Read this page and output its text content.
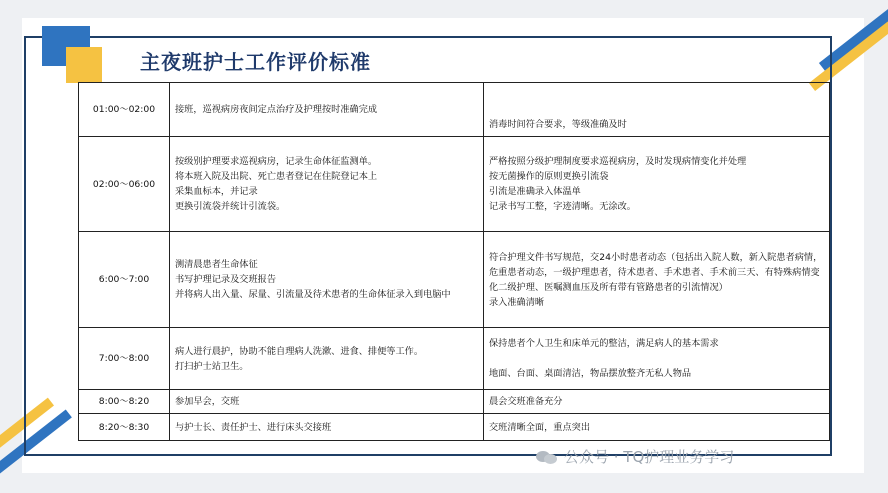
主夜班护士工作评价标准
01:00～02:00	接班，巡视病房夜间定点治疗及护理按时准确完成	消毒时间符合要求，等级准确及时

02:00～06:00	按级别护理要求巡视病房，记录生命体征监测单。
将本班入院及出院、死亡患者登记在住院登记本上
采集血标本，并记录
更换引流袋并统计引流袋。	严格按照分级护理制度要求巡视病房，及时发现病情变化并处理
按无菌操作的原则更换引流袋
引流是准确录入体温单
记录书写工整，字迹清晰。无涂改。

6:00～7:00	测清晨患者生命体征
书写护理记录及交班报告
并将病人出入量、尿量、引流量及待术患者的生命体征录入到电脑中	符合护理文件书写规范，交24小时患者动态（包括出入院人数，新入院患者病情，危重患者动态，一级护理患者，待术患者、手术患者、手术前三天、有特殊病情变化二级护理、医嘱测血压及所有带有管路患者的引流情况）
录入准确清晰

7:00～8:00	病人进行晨护，协助不能自理病人洗漱、进食、排便等工作。
打扫护士站卫生。	保持患者个人卫生和床单元的整洁，满足病人的基本需求
地面、台面、桌面清洁，物品摆放整齐无私人物品

8:00～8:20	参加早会，交班	晨会交班准备充分

8:20～8:30	与护士长、责任护士、进行床头交接班	交班清晰全面，重点突出
公众号 · TQ护理业务学习
